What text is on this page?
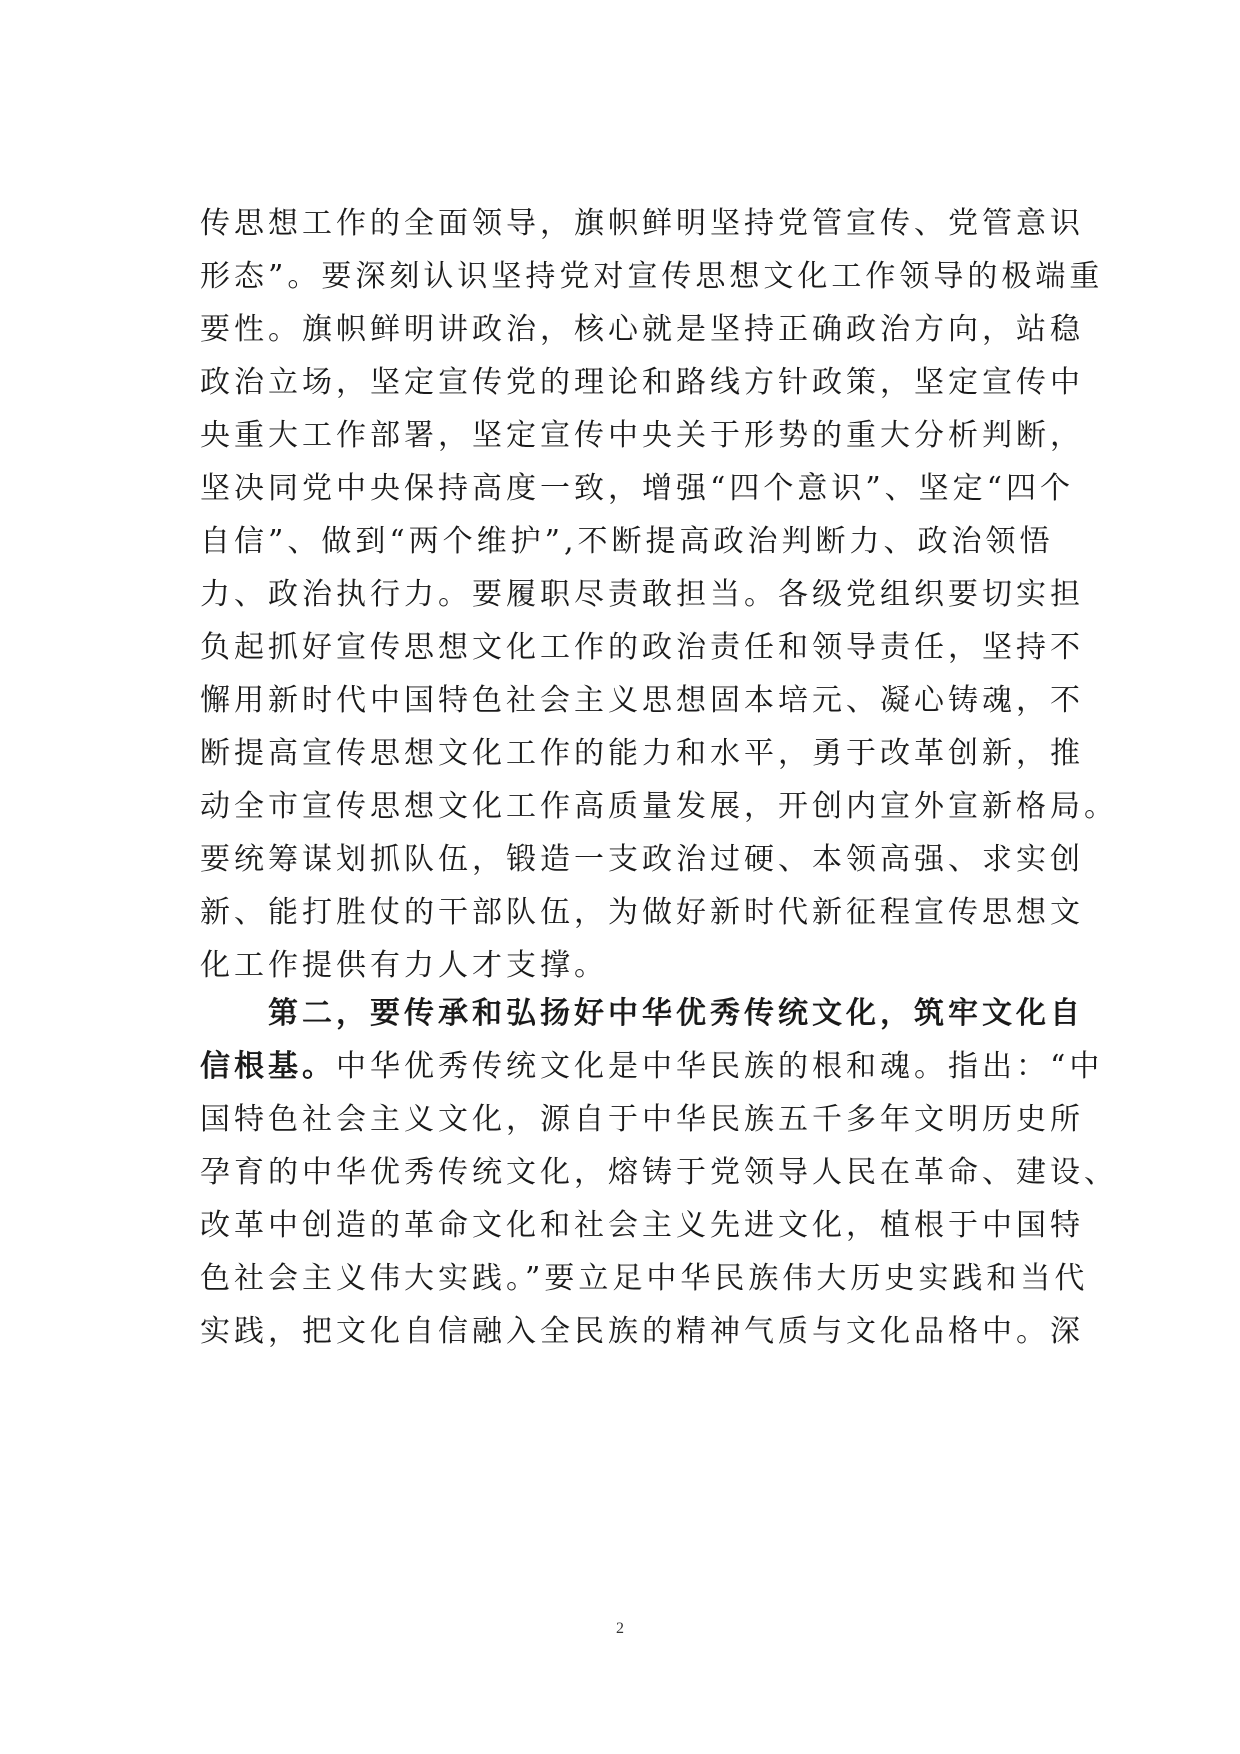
传思想工作的全面领导，旗帜鲜明坚持党管宣传、党管意识
形态”。要深刻认识坚持党对宣传思想文化工作领导的极端重
要性。旗帜鲜明讲政治，核心就是坚持正确政治方向，站稳
政治立场，坚定宣传党的理论和路线方针政策，坚定宣传中
央重大工作部署，坚定宣传中央关于形势的重大分析判断，
坚决同党中央保持高度一致，增强“四个意识”、坚定“四个
自信”、做到“两个维护”,不断提高政治判断力、政治领悟
力、政治执行力。要履职尽责敢担当。各级党组织要切实担
负起抓好宣传思想文化工作的政治责任和领导责任，坚持不
懈用新时代中国特色社会主义思想固本培元、凝心铸魂，不
断提高宣传思想文化工作的能力和水平，勇于改革创新，推
动全市宣传思想文化工作高质量发展，开创内宣外宣新格局。
要统筹谋划抓队伍，锻造一支政治过硬、本领高强、求实创
新、能打胜仗的干部队伍，为做好新时代新征程宣传思想文
化工作提供有力人才支撑。
　　第二，要传承和弘扬好中华优秀传统文化，筑牢文化自
信根基。中华优秀传统文化是中华民族的根和魂。指出：“中
国特色社会主义文化，源自于中华民族五千多年文明历史所
孕育的中华优秀传统文化，熔铸于党领导人民在革命、建设、
改革中创造的革命文化和社会主义先进文化，植根于中国特
色社会主义伟大实践。”要立足中华民族伟大历史实践和当代
实践，把文化自信融入全民族的精神气质与文化品格中。深
2
